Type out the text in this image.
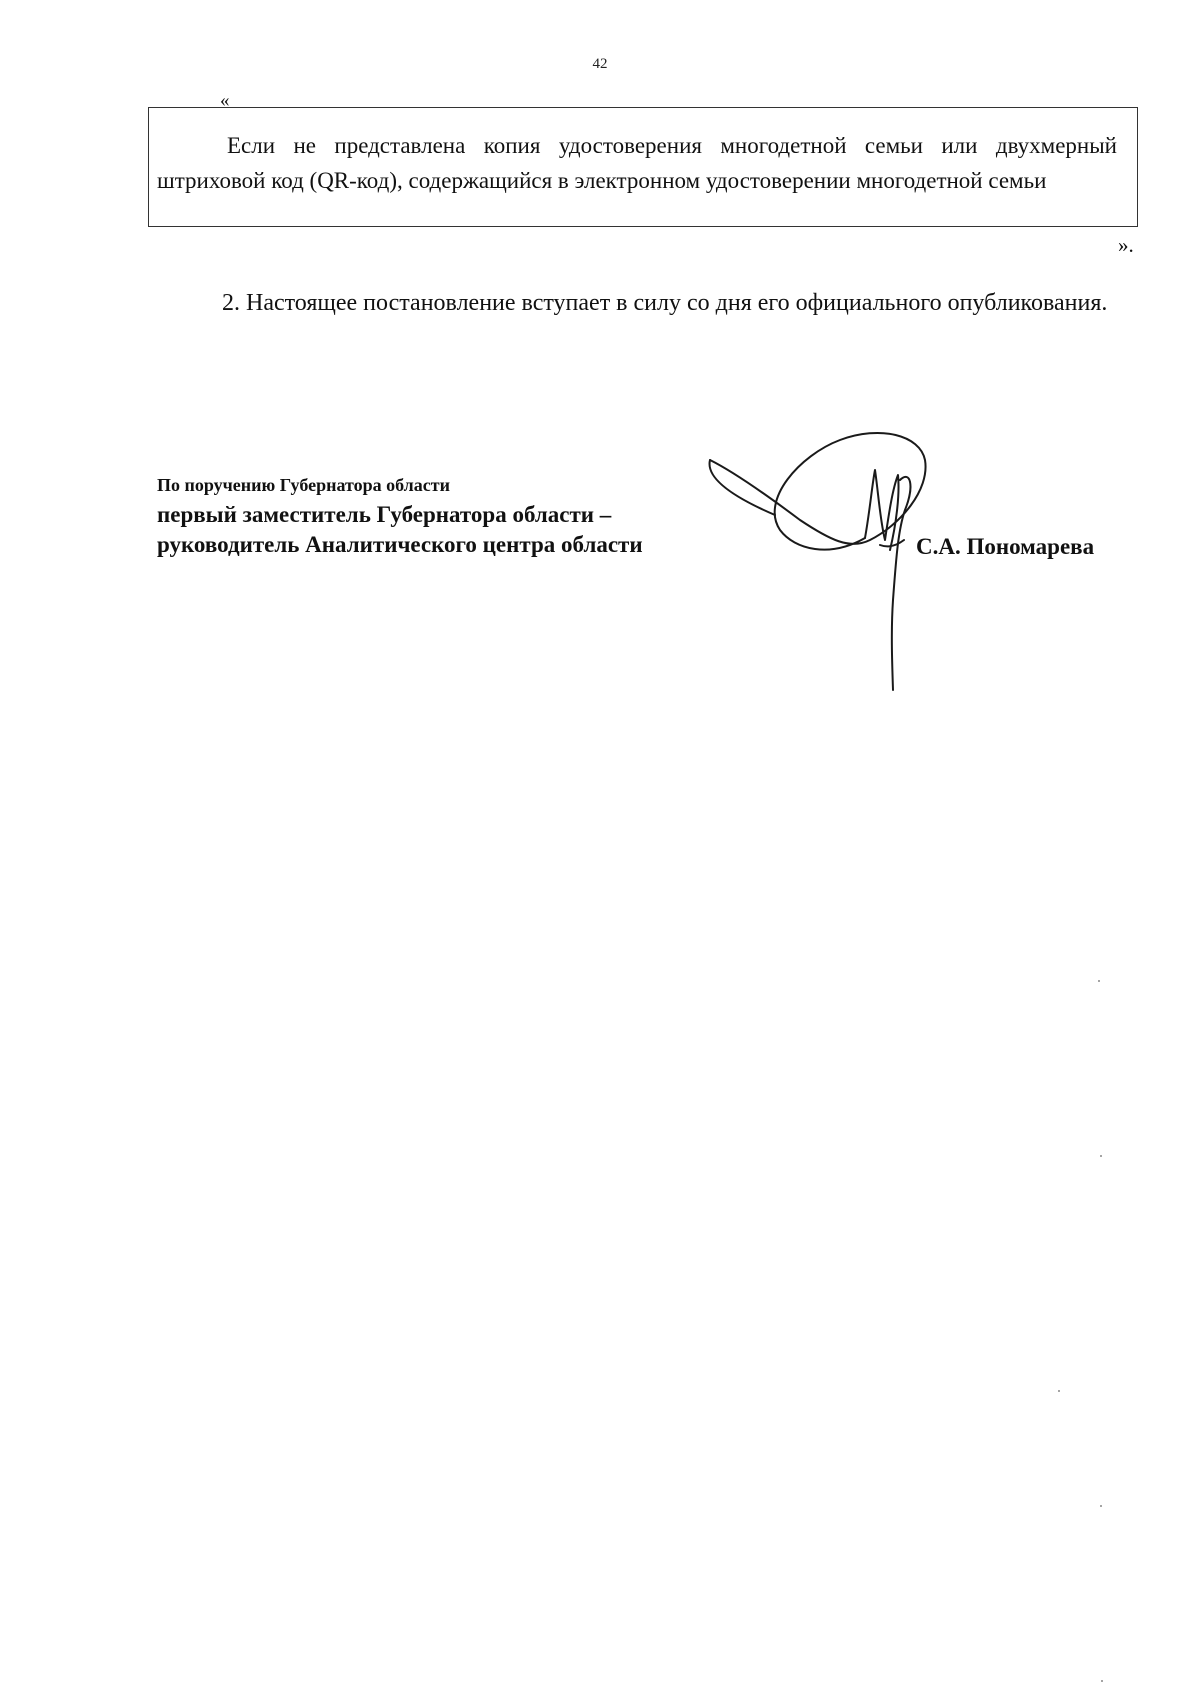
42
«

Если не представлена копия удостоверения многодетной семьи или двухмерный штриховой код (QR-код), содержащийся в электронном удостоверении многодетной семьи

».

2. Настоящее постановление вступает в силу со дня его официального опубликования.

По поручению Губернатора области

первый заместитель Губернатора области –

руководитель Аналитического центра области	С.А. Пономарева
